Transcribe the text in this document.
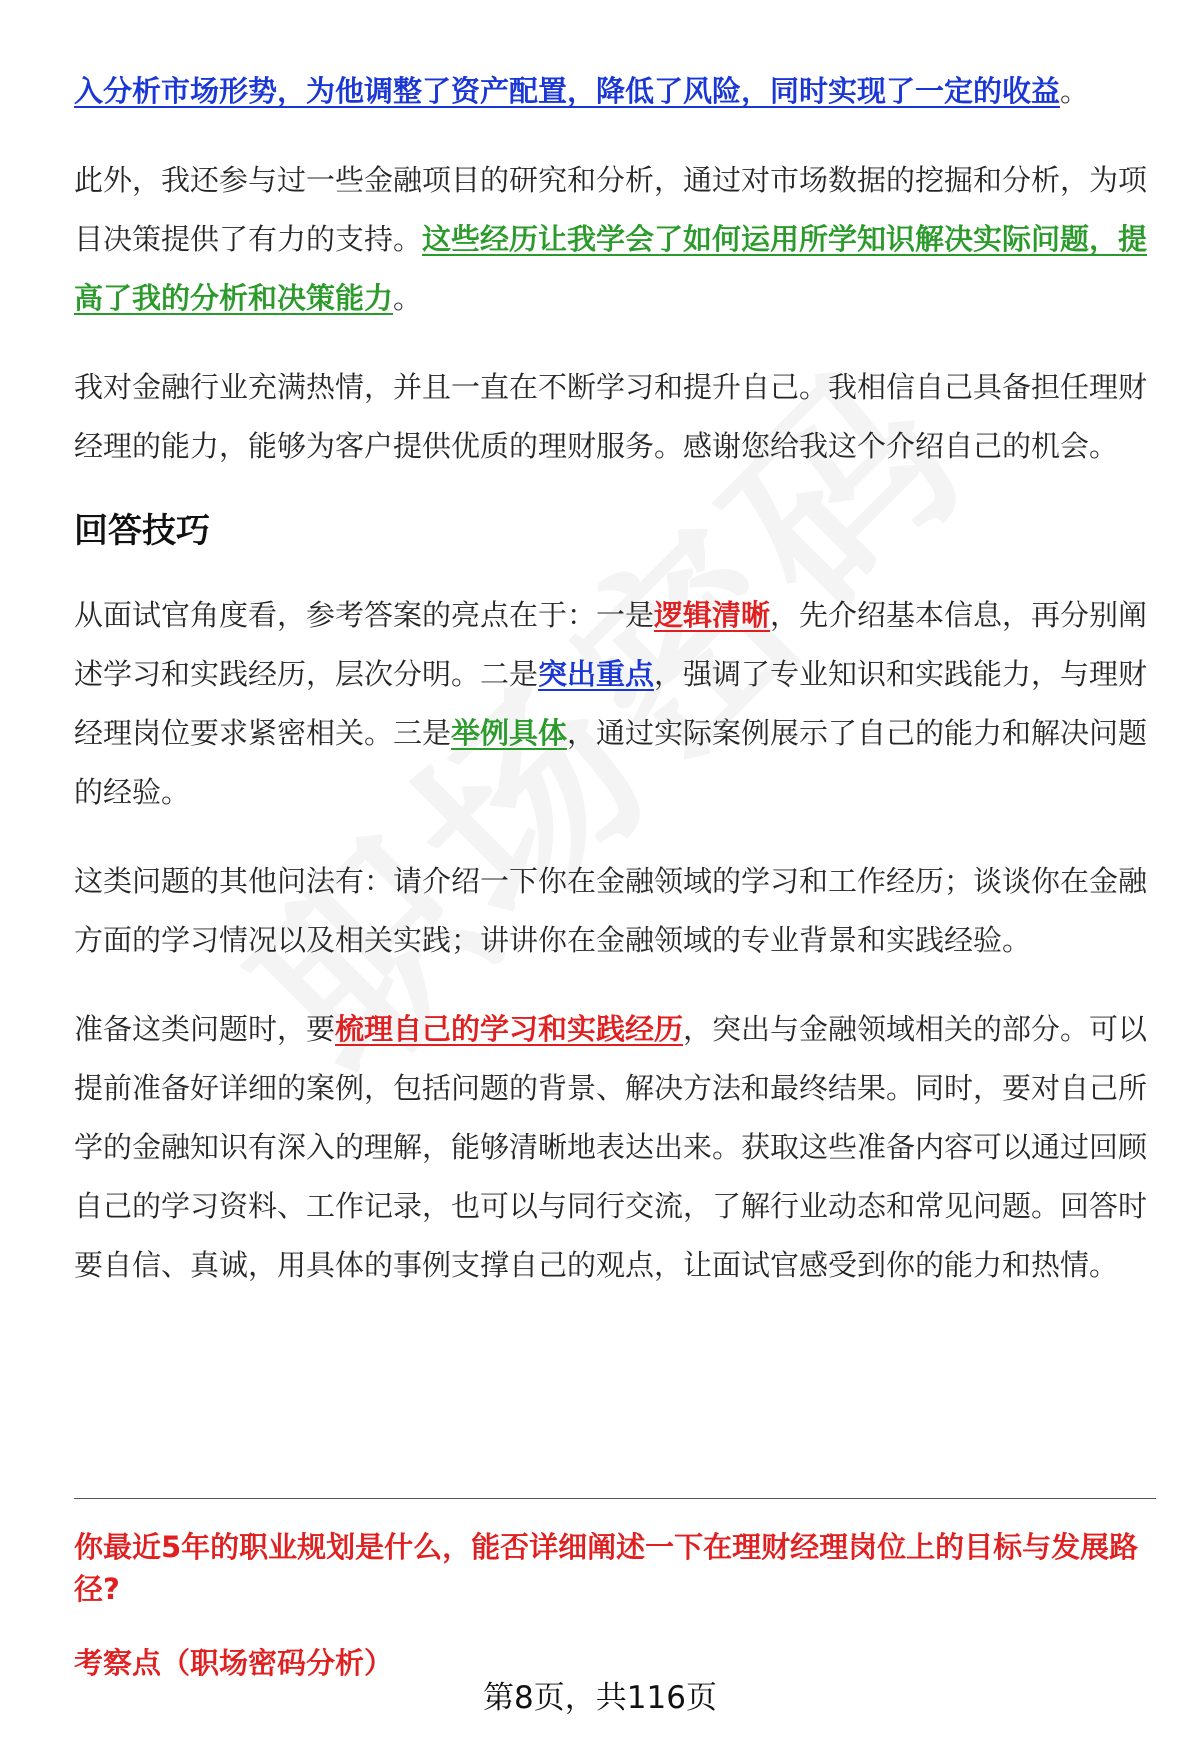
入分析市场形势，为他调整了资产配置，降低了风险，同时实现了一定的收益。

此外，我还参与过一些金融项目的研究和分析，通过对市场数据的挖掘和分析，为项目决策提供了有力的支持。这些经历让我学会了如何运用所学知识解决实际问题，提高了我的分析和决策能力。

我对金融行业充满热情，并且一直在不断学习和提升自己。我相信自己具备担任理财经理的能力，能够为客户提供优质的理财服务。感谢您给我这个介绍自己的机会。

回答技巧

从面试官角度看，参考答案的亮点在于：一是逻辑清晰，先介绍基本信息，再分别阐述学习和实践经历，层次分明。二是突出重点，强调了专业知识和实践能力，与理财经理岗位要求紧密相关。三是举例具体，通过实际案例展示了自己的能力和解决问题的经验。

这类问题的其他问法有：请介绍一下你在金融领域的学习和工作经历；谈谈你在金融方面的学习情况以及相关实践；讲讲你在金融领域的专业背景和实践经验。

准备这类问题时，要梳理自己的学习和实践经历，突出与金融领域相关的部分。可以提前准备好详细的案例，包括问题的背景、解决方法和最终结果。同时，要对自己所学的金融知识有深入的理解，能够清晰地表达出来。获取这些准备内容可以通过回顾自己的学习资料、工作记录，也可以与同行交流，了解行业动态和常见问题。回答时要自信、真诚，用具体的事例支撑自己的观点，让面试官感受到你的能力和热情。

你最近5年的职业规划是什么，能否详细阐述一下在理财经理岗位上的目标与发展路径?

考察点（职场密码分析）

第8页，共116页
